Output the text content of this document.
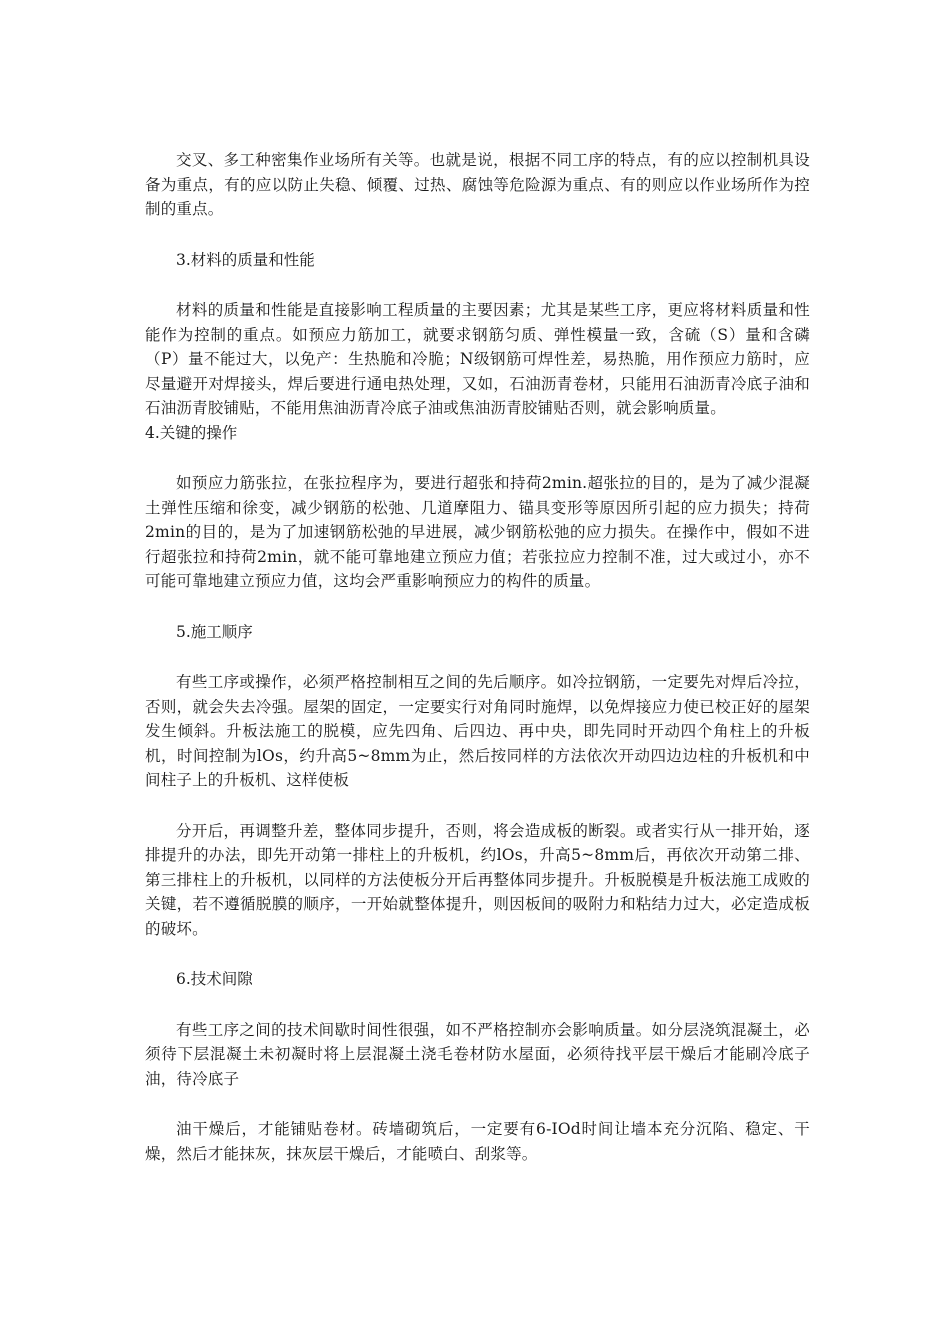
交叉、多工种密集作业场所有关等。也就是说，根据不同工序的特点，有的应以控制机具设备为重点，有的应以防止失稳、倾覆、过热、腐蚀等危险源为重点、有的则应以作业场所作为控制的重点。

3.材料的质量和性能

材料的质量和性能是直接影响工程质量的主要因素；尤其是某些工序，更应将材料质量和性能作为控制的重点。如预应力筋加工，就要求钢筋匀质、弹性模量一致，含硫（S）量和含磷（P）量不能过大，以免产：生热脆和冷脆；N级钢筋可焊性差，易热脆，用作预应力筋时，应尽量避开对焊接头，焊后要进行通电热处理，又如，石油沥青卷材，只能用石油沥青冷底子油和石油沥青胶铺贴，不能用焦油沥青冷底子油或焦油沥青胶铺贴否则，就会影响质量。

4.关键的操作

如预应力筋张拉，在张拉程序为，要进行超张和持荷2min.超张拉的目的，是为了减少混凝土弹性压缩和徐变，减少钢筋的松弛、几道摩阻力、锚具变形等原因所引起的应力损失；持荷2min的目的，是为了加速钢筋松弛的早进展，减少钢筋松弛的应力损失。在操作中，假如不进行超张拉和持荷2min，就不能可靠地建立预应力值；若张拉应力控制不准，过大或过小，亦不可能可靠地建立预应力值，这均会严重影响预应力的构件的质量。

5.施工顺序

有些工序或操作，必须严格控制相互之间的先后顺序。如冷拉钢筋，一定要先对焊后冷拉，否则，就会失去冷强。屋架的固定，一定要实行对角同时施焊，以免焊接应力使已校正好的屋架发生倾斜。升板法施工的脱模，应先四角、后四边、再中央，即先同时开动四个角柱上的升板机，时间控制为lOs，约升高5~8mm为止，然后按同样的方法依次开动四边边柱的升板机和中间柱子上的升板机、这样使板

分开后，再调整升差，整体同步提升，否则，将会造成板的断裂。或者实行从一排开始，逐排提升的办法，即先开动第一排柱上的升板机，约lOs，升高5~8mm后，再依次开动第二排、第三排柱上的升板机，以同样的方法使板分开后再整体同步提升。升板脱模是升板法施工成败的关键，若不遵循脱膜的顺序，一开始就整体提升，则因板间的吸附力和粘结力过大，必定造成板的破坏。

6.技术间隙

有些工序之间的技术间歇时间性很强，如不严格控制亦会影响质量。如分层浇筑混凝土，必须待下层混凝土未初凝时将上层混凝土浇毛卷材防水屋面，必须待找平层干燥后才能刷冷底子油，待冷底子

油干燥后，才能铺贴卷材。砖墙砌筑后，一定要有6-IOd时间让墙本充分沉陷、稳定、干燥，然后才能抹灰，抹灰层干燥后，才能喷白、刮浆等。
